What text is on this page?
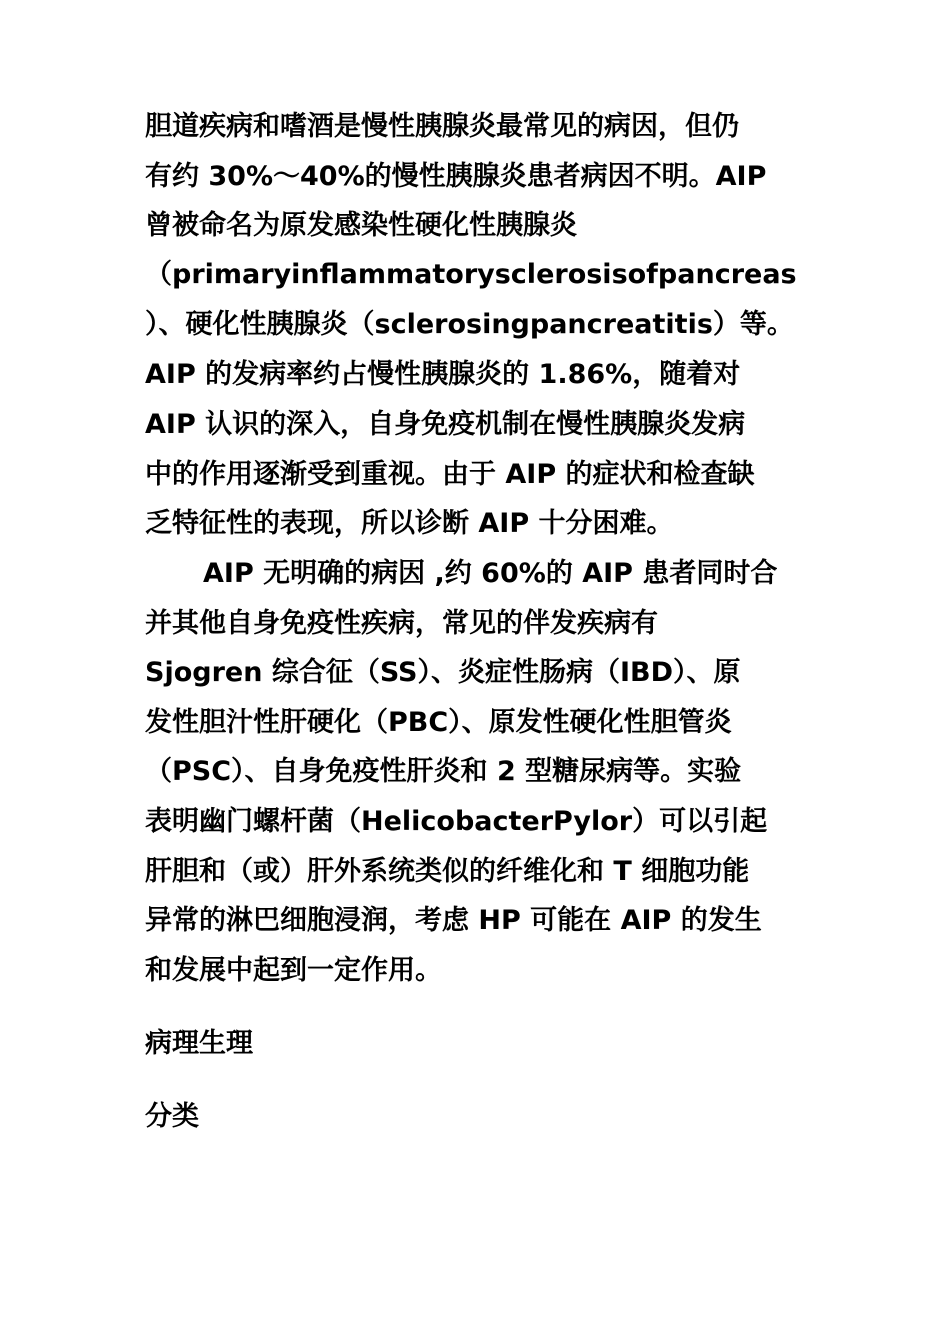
胆道疾病和嗜酒是慢性胰腺炎最常见的病因，但仍

有约 30%～40%的慢性胰腺炎患者病因不明。AIP

曾被命名为原发感染性硬化性胰腺炎

（primaryinflammatorysclerosisofpancreas

）、硬化性胰腺炎（sclerosingpancreatitis）等。

AIP 的发病率约占慢性胰腺炎的 1.86%，随着对

AIP 认识的深入，自身免疫机制在慢性胰腺炎发病

中的作用逐渐受到重视。由于 AIP 的症状和检查缺

乏特征性的表现，所以诊断 AIP 十分困难。

AIP 无明确的病因 ,约 60%的 AIP 患者同时合

并其他自身免疫性疾病，常见的伴发疾病有

Sjogren 综合征（SS）、炎症性肠病（IBD）、原

发性胆汁性肝硬化（PBC）、原发性硬化性胆管炎

（PSC）、自身免疫性肝炎和 2 型糖尿病等。实验

表明幽门螺杆菌（HelicobacterPylor）可以引起

肝胆和（或）肝外系统类似的纤维化和 T 细胞功能

异常的淋巴细胞浸润，考虑 HP 可能在 AIP 的发生

和发展中起到一定作用。

病理生理
分类
